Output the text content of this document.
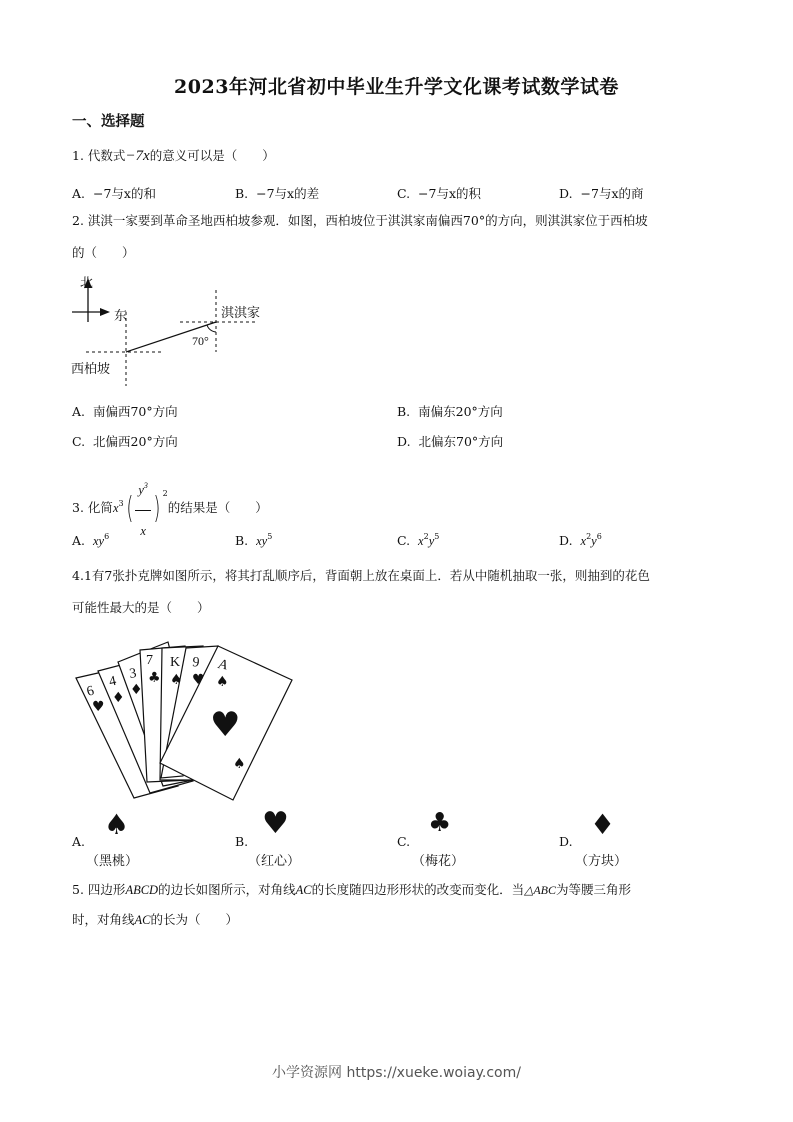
2023年河北省初中毕业生升学文化课考试数学试卷
一、选择题
1. 代数式−7x的意义可以是（　　）
A. −7与x的和	B. −7与x的差	C. −7与x的积	D. −7与x的商
2. 淇淇一家要到革命圣地西柏坡参观．如图，西柏坡位于淇淇家南偏西70°的方向，则淇淇家位于西柏坡
的（　　）
北
东	淇淇家
西柏坡
70°
A. 南偏西70°方向	B. 南偏东20°方向
C. 北偏西20°方向	D. 北偏东70°方向
3. 化简$x^3( \frac{y^3}{x}$ ) $^2$的结果是（　　）
A. $xy^6$	B. $xy^5$	C. $x^2y^5$	D. $x^2y^6$
4.1有7张扑克牌如图所示，将其打乱顺序后，背面朝上放在桌面上．若从中随机抽取一张，则抽到的花色
可能性最大的是（　　）
6
4 3
7 K 9 A
♥
♦ ♦
♣ ♠ ♥ ♠
♥
♠
A.
♠
（黑桃）
B.
♥
（红心）
C.
♣
（梅花）
D.
♦
（方块）
5. 四边形ABCD的边长如图所示，对角线AC的长度随四边形形状的改变而变化．当△ABC为等腰三角形
时，对角线AC的长为（　　）
小学资源网 https://xueke.woiay.com/
